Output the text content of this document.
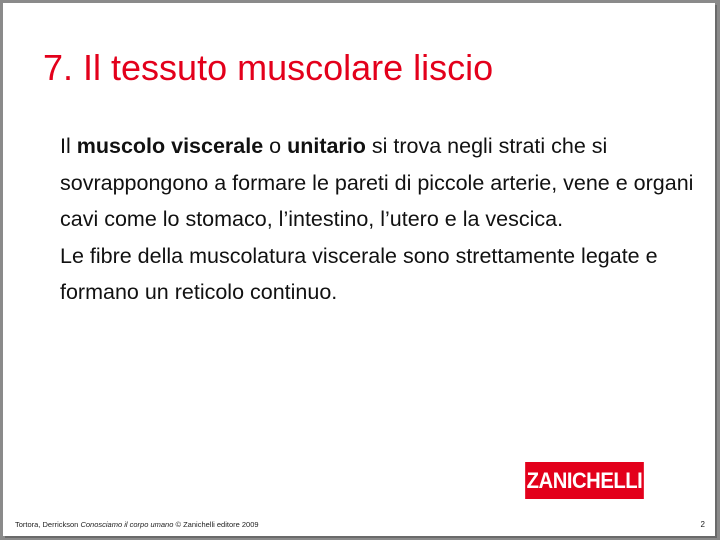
7. Il tessuto muscolare liscio

Il muscolo viscerale o unitario si trova negli strati che si sovrappongono a formare le pareti di piccole arterie, vene e organi cavi come lo stomaco, l’intestino, l’utero e la vescica.

Le fibre della muscolatura viscerale sono strettamente legate e formano un reticolo continuo.

ZANICHELLI
Tortora, Derrickson Conosciamo il corpo umano © Zanichelli editore 2009	2
